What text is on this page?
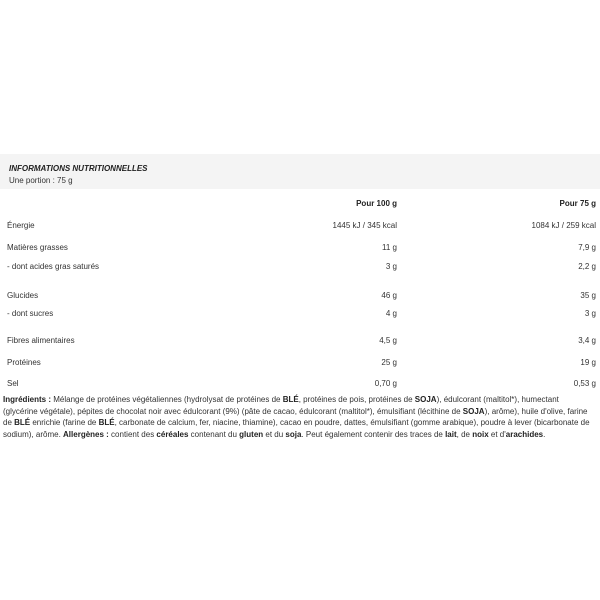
INFORMATIONS NUTRITIONNELLES
Une portion : 75 g
Pour 100 g	Pour 75 g
Énergie	1445 kJ / 345 kcal	1084 kJ / 259 kcal
Matières grasses	11 g	7,9 g
- dont acides gras saturés	3 g	2,2 g
Glucides	46 g	35 g
- dont sucres	4 g	3 g
Fibres alimentaires	4,5 g	3,4 g
Protéines	25 g	19 g
Sel	0,70 g	0,53 g
Ingrédients : Mélange de protéines végétaliennes (hydrolysat de protéines de BLÉ, protéines de pois, protéines de SOJA), édulcorant (maltitol*), humectant (glycérine végétale), pépites de chocolat noir avec édulcorant (9%) (pâte de cacao, édulcorant (maltitol*), émulsifiant (lécithine de SOJA), arôme), huile d'olive, farine de BLÉ enrichie (farine de BLÉ, carbonate de calcium, fer, niacine, thiamine), cacao en poudre, dattes, émulsifiant (gomme arabique), poudre à lever (bicarbonate de sodium), arôme. Allergènes : contient des céréales contenant du gluten et du soja. Peut également contenir des traces de lait, de noix et d'arachides.
